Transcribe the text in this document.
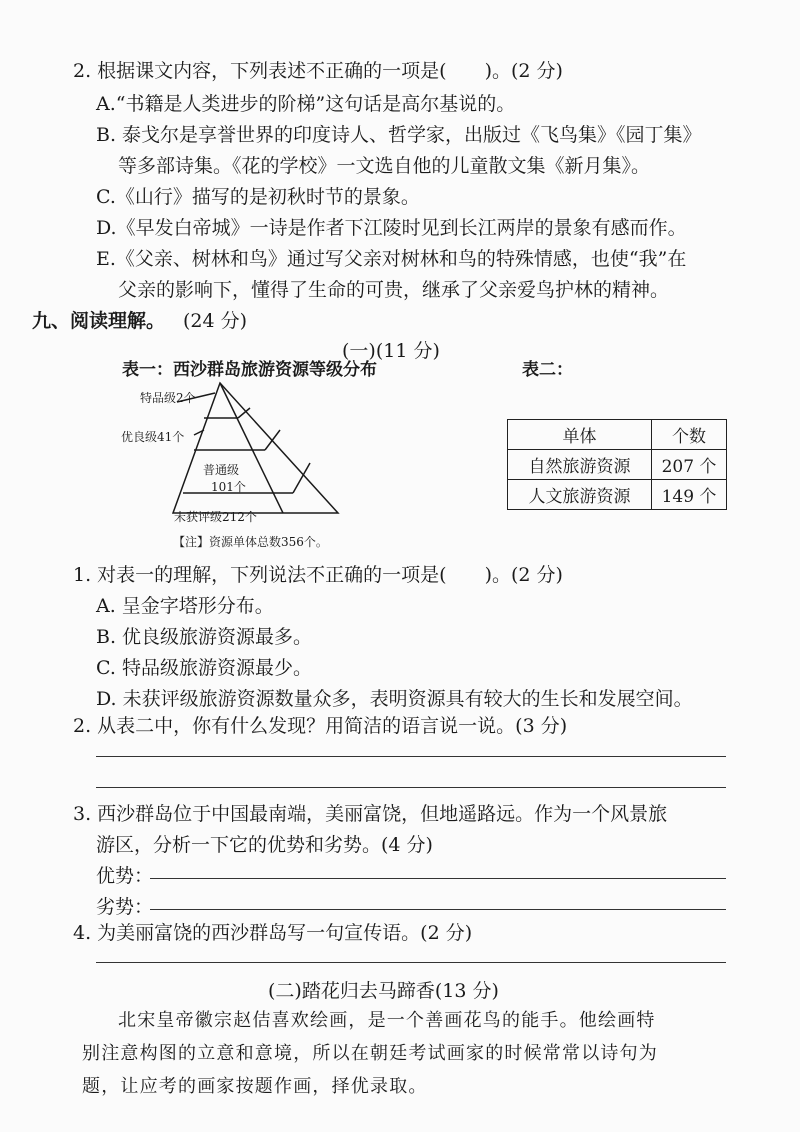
2. 根据课文内容，下列表述不正确的一项是(　　)。(2 分)
A.“书籍是人类进步的阶梯”这句话是高尔基说的。
B. 泰戈尔是享誉世界的印度诗人、哲学家，出版过《飞鸟集》《园丁集》
等多部诗集。《花的学校》一文选自他的儿童散文集《新月集》。
C.《山行》描写的是初秋时节的景象。
D.《早发白帝城》一诗是作者下江陵时见到长江两岸的景象有感而作。
E.《父亲、树林和鸟》通过写父亲对树林和鸟的特殊情感，也使“我”在
父亲的影响下，懂得了生命的可贵，继承了父亲爱鸟护林的精神。
九、阅读理解。 (24 分)
(一)(11 分)
表一：西沙群岛旅游资源等级分布	表二：
特品级2个
优良级41个
普通级
101个
未获评级212个
【注】资源单体总数356个。
单体	个数
自然旅游资源	207 个
人文旅游资源	149 个
1. 对表一的理解，下列说法不正确的一项是(　　)。(2 分)
A. 呈金字塔形分布。
B. 优良级旅游资源最多。
C. 特品级旅游资源最少。
D. 未获评级旅游资源数量众多，表明资源具有较大的生长和发展空间。
2. 从表二中，你有什么发现？用简洁的语言说一说。(3 分)
3. 西沙群岛位于中国最南端，美丽富饶，但地遥路远。作为一个风景旅
游区，分析一下它的优势和劣势。(4 分)
优势：
劣势：
4. 为美丽富饶的西沙群岛写一句宣传语。(2 分)
(二)踏花归去马蹄香(13 分)
北宋皇帝徽宗赵佶喜欢绘画，是一个善画花鸟的能手。他绘画特
别注意构图的立意和意境，所以在朝廷考试画家的时候常常以诗句为
题，让应考的画家按题作画，择优录取。
